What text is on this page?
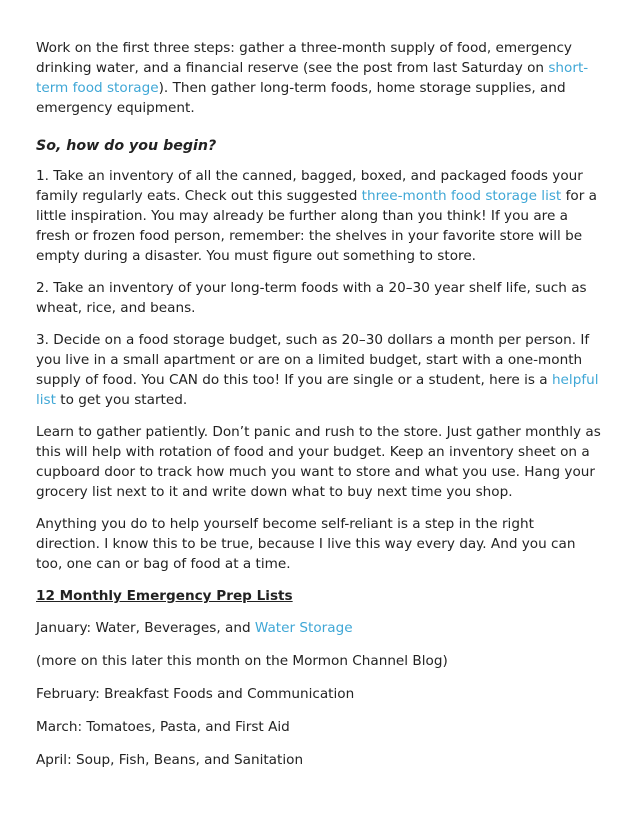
Work on the first three steps: gather a three-month supply of food, emergency drinking water, and a financial reserve (see the post from last Saturday on short-term food storage). Then gather long-term foods, home storage supplies, and emergency equipment.

So, how do you begin?

1. Take an inventory of all the canned, bagged, boxed, and packaged foods your family regularly eats. Check out this suggested three-month food storage list for a little inspiration. You may already be further along than you think! If you are a fresh or frozen food person, remember: the shelves in your favorite store will be empty during a disaster. You must figure out something to store.

2. Take an inventory of your long-term foods with a 20–30 year shelf life, such as wheat, rice, and beans.

3. Decide on a food storage budget, such as 20–30 dollars a month per person. If you live in a small apartment or are on a limited budget, start with a one-month supply of food. You CAN do this too! If you are single or a student, here is a helpful list to get you started.

Learn to gather patiently. Don’t panic and rush to the store. Just gather monthly as this will help with rotation of food and your budget. Keep an inventory sheet on a cupboard door to track how much you want to store and what you use. Hang your grocery list next to it and write down what to buy next time you shop.

Anything you do to help yourself become self-reliant is a step in the right direction. I know this to be true, because I live this way every day. And you can too, one can or bag of food at a time.

12 Monthly Emergency Prep Lists

January: Water, Beverages, and Water Storage

(more on this later this month on the Mormon Channel Blog)

February: Breakfast Foods and Communication

March: Tomatoes, Pasta, and First Aid

April: Soup, Fish, Beans, and Sanitation
